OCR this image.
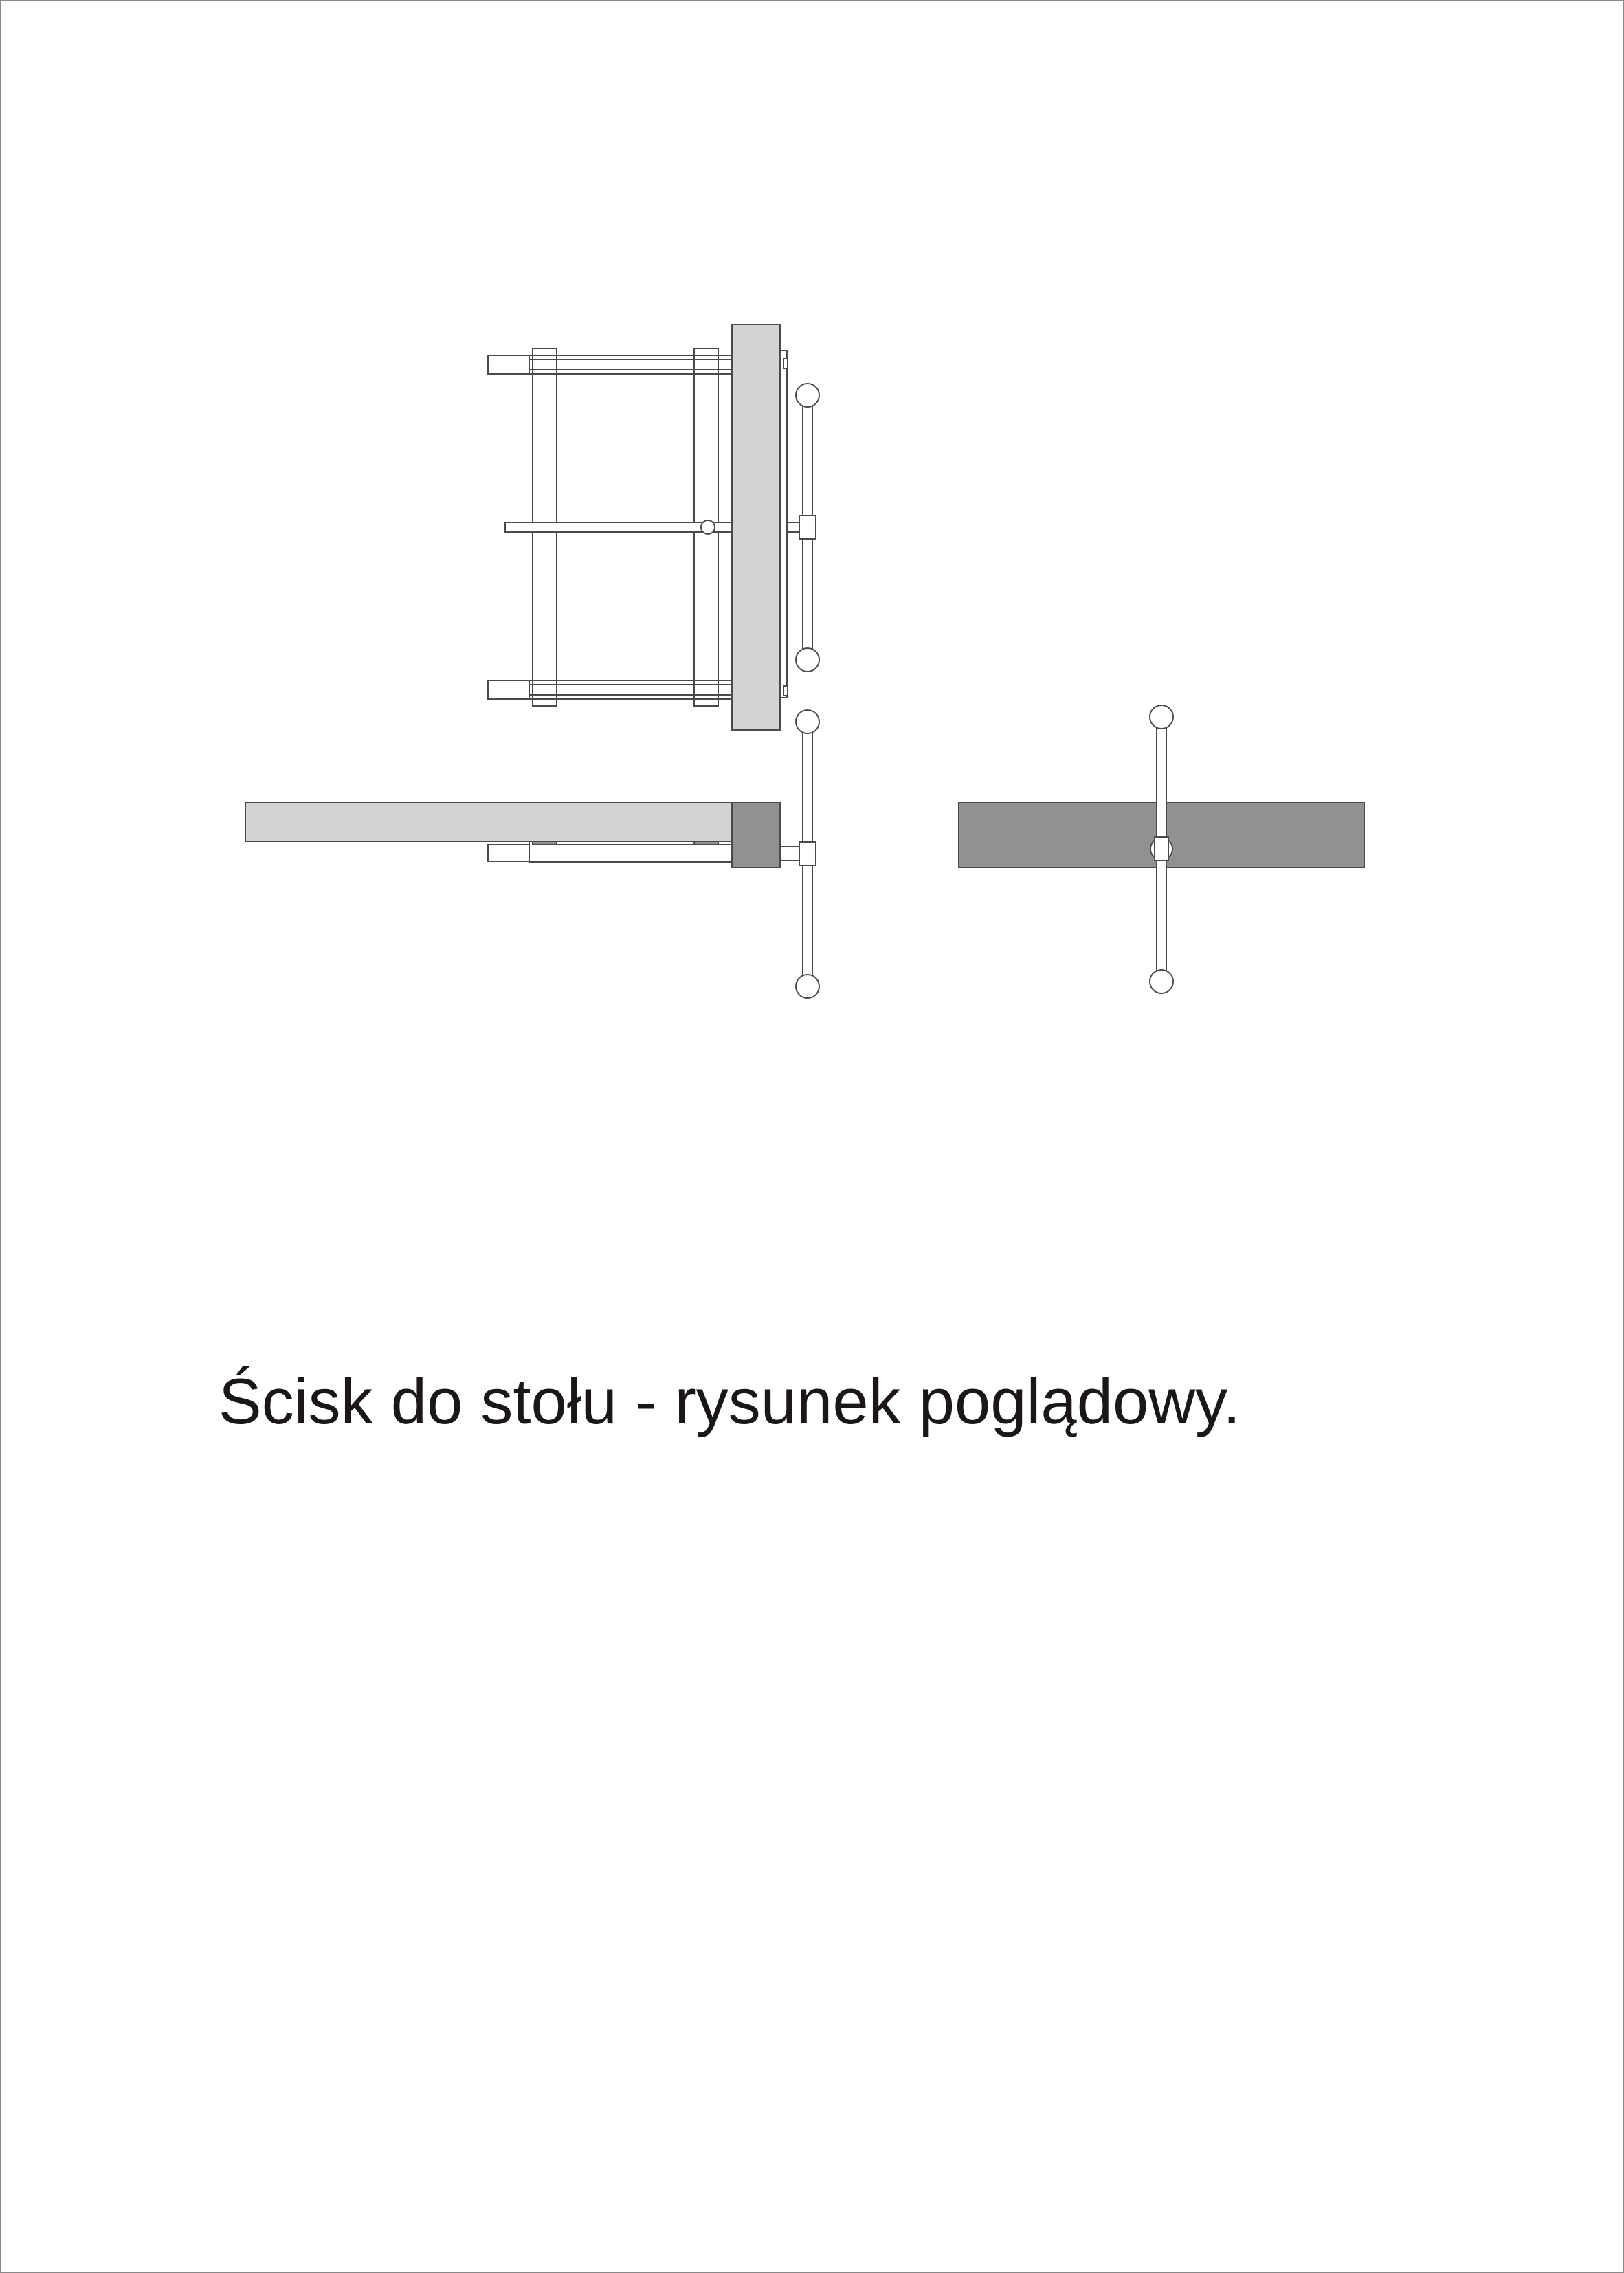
Ścisk do stołu - rysunek poglądowy.
